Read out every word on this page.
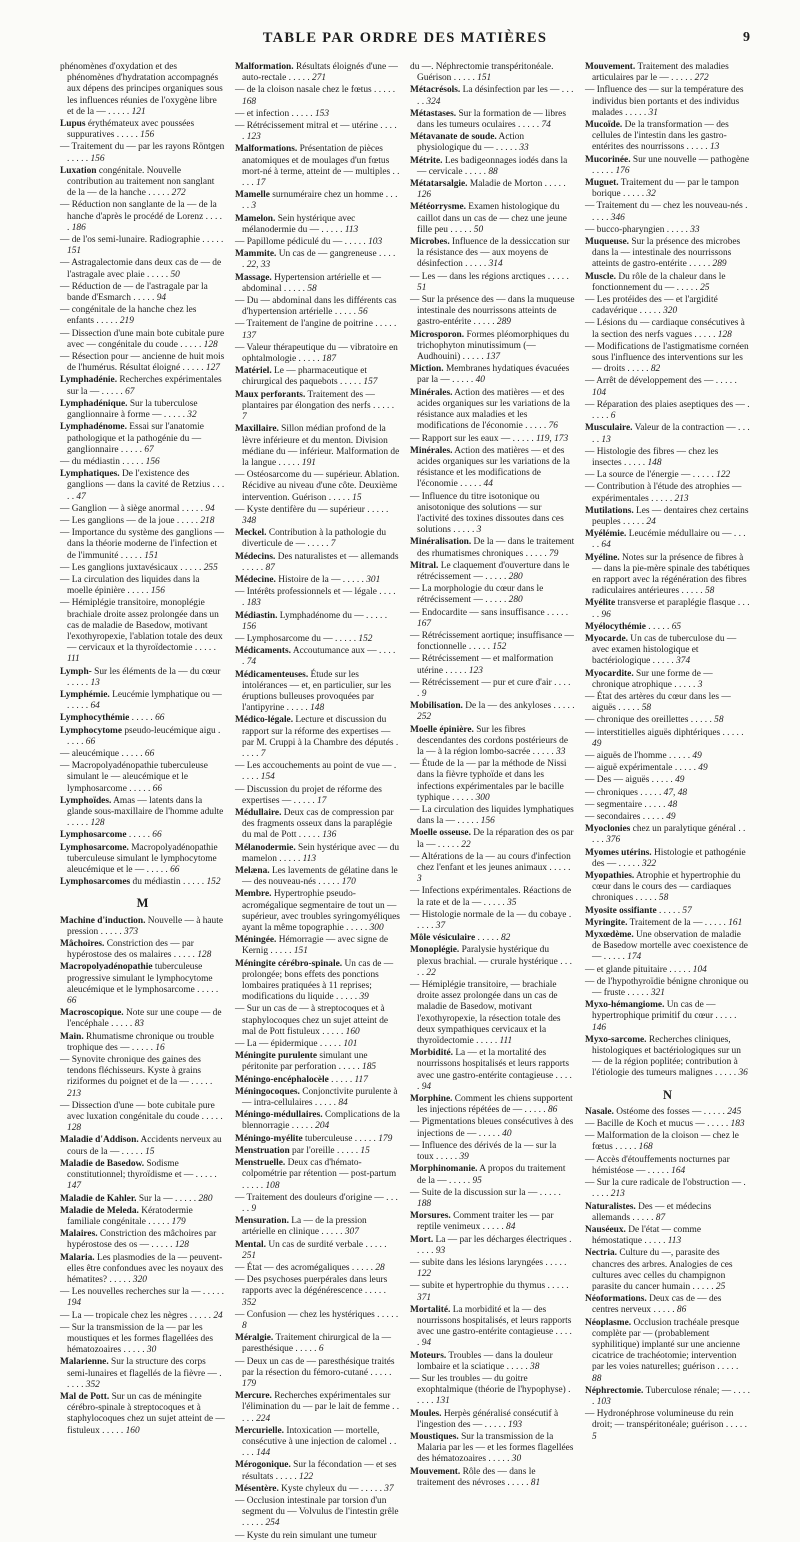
TABLE PAR ORDRE DES MATIÈRES	9
phénomènes d'oxydation et des phénomènes d'hydratation accompagnés aux dépens des principes organiques sous les influences réunies de l'oxygène libre et de la — . . . . . 121
Lupus érythémateux avec poussées suppuratives . . . . . 156
— Traitement du — par les rayons Röntgen . . . . . 156
Luxation congénitale. Nouvelle contribution au traitement non sanglant de la — de la hanche . . . . . 272
— Réduction non sanglante de la — de la hanche d'après le procédé de Lorenz . . . . . 186
— de l'os semi-lunaire. Radiographie . . . . . 151
— Astragalectomie dans deux cas de — de l'astragale avec plaie . . . . . 50
— Réduction de — de l'astragale par la bande d'Esmarch . . . . . 94
— congénitale de la hanche chez les enfants . . . . . 219
— Dissection d'une main bote cubitale pure avec — congénitale du coude . . . . . 128
— Résection pour — ancienne de huit mois de l'humérus. Résultat éloigné . . . . . 127
Lymphadénie. Recherches expérimentales sur la — . . . . . 67
Lymphadénique. Sur la tuberculose ganglionnaire à forme — . . . . . 32
Lymphadénome. Essai sur l'anatomie pathologique et la pathogénie du — ganglionnaire . . . . . 67
— du médiastin . . . . . 156
Lymphatiques. De l'existence des ganglions — dans la cavité de Retzius . . . . . 47
— Ganglion — à siège anormal . . . . . 94
— Les ganglions — de la joue . . . . . 218
— Importance du système des ganglions — dans la théorie moderne de l'infection et de l'immunité . . . . . 151
— Les ganglions juxtavésicaux . . . . . 255
— La circulation des liquides dans la moelle épinière . . . . . 156
— Hémiplégie transitoire, monoplégie brachiale droite assez prolongée dans un cas de maladie de Basedow, motivant l'exothyropexie, l'ablation totale des deux — cervicaux et la thyroïdectomie . . . . . 111
Lymph- Sur les éléments de la — du cœur . . . . . 13
Lymphémie. Leucémie lymphatique ou — . . . . . 64
Lymphocythémie . . . . . 66
Lymphocytome pseudo-leucémique aigu . . . . . 66
— aleucémique . . . . . 66
— Macropolyadénopathie tuberculeuse simulant le — aleucémique et le lymphosarcome . . . . . 66
Lymphoïdes. Amas — latents dans la glande sous-maxillaire de l'homme adulte . . . . . 128
Lymphosarcome . . . . . 66
Lymphosarcome. Macropolyadénopathie tuberculeuse simulant le lymphocytome aleucémique et le — . . . . . 66
Lymphosarcomes du médiastin . . . . . 152
M
Machine d'induction. Nouvelle — à haute pression . . . . . 373
Mâchoires. Constriction des — par hypérostose des os malaires . . . . . 128
Macropolyadénopathie tuberculeuse progressive simulant le lymphocytome aleucémique et le lymphosarcome . . . . . 66
Macroscopique. Note sur une coupe — de l'encéphale . . . . . 83
Main. Rhumatisme chronique ou trouble trophique des — . . . . . 16
— Synovite chronique des gaines des tendons fléchisseurs. Kyste à grains riziformes du poignet et de la — . . . . . 213
— Dissection d'une — bote cubitale pure avec luxation congénitale du coude . . . . . 128
Maladie d'Addison. Accidents nerveux au cours de la — . . . . . 15
Maladie de Basedow. Sodisme constitutionnel; thyroïdisme et — . . . . . 147
Maladie de Kahler. Sur la — . . . . . 280
Maladie de Meleda. Kératodermie familiale congénitale . . . . . 179
Malaires. Constriction des mâchoires par hypérostose des os — . . . . . 128
Malaria. Les plasmodies de la — peuvent-elles être confondues avec les noyaux des hématites? . . . . . 320
— Les nouvelles recherches sur la — . . . . . 194
— La — tropicale chez les nègres . . . . . 24
— Sur la transmission de la — par les moustiques et les formes flagellées des hématozoaires . . . . . 30
Malarienne. Sur la structure des corps semi-lunaires et flagellés de la fièvre — . . . . . 352
Mal de Pott. Sur un cas de méningite cérébro-spinale à streptocoques et à staphylocoques chez un sujet atteint de — fistuleux . . . . . 160
Malformation. Résultats éloignés d'une — auto-rectale . . . . . 271
— de la cloison nasale chez le fœtus . . . . . 168
— et infection . . . . . 153
— Rétrécissement mitral et — utérine . . . . . 123
Malformations. Présentation de pièces anatomiques et de moulages d'un fœtus mort-né à terme, atteint de — multiples . . . . . 17
Mamelle surnuméraire chez un homme . . . . . 3
Mamelon. Sein hystérique avec mélanodermie du — . . . . . 113
— Papillome pédiculé du — . . . . . 103
Mammite. Un cas de — gangreneuse . . . . . 22, 33
Massage. Hypertension artérielle et — abdominal . . . . . 58
— Du — abdominal dans les différents cas d'hypertension artérielle . . . . . 56
— Traitement de l'angine de poitrine . . . . . 137
— Valeur thérapeutique du — vibratoire en ophtalmologie . . . . . 187
Matériel. Le — pharmaceutique et chirurgical des paquebots . . . . . 157
Maux perforants. Traitement des — plantaires par élongation des nerfs . . . . . 7
Maxillaire. Sillon médian profond de la lèvre inférieure et du menton. Division médiane du — inférieur. Malformation de la langue . . . . . 191
— Ostéosarcome du — supérieur. Ablation. Récidive au niveau d'une côte. Deuxième intervention. Guérison . . . . . 15
— Kyste dentifère du — supérieur . . . . . 348
Meckel. Contribution à la pathologie du diverticule de — . . . . . 7
Médecins. Des naturalistes et — allemands . . . . . 87
Médecine. Histoire de la — . . . . . 301
— Intérêts professionnels et — légale . . . . . 183
Médiastin. Lymphadénome du — . . . . . 156
— Lymphosarcome du — . . . . . 152
Médicaments. Accoutumance aux — . . . . . 74
Médicamenteuses. Étude sur les intolérances — et, en particulier, sur les éruptions bulleuses provoquées par l'antipyrine . . . . . 148
Médico-légale. Lecture et discussion du rapport sur la réforme des expertises — par M. Cruppi à la Chambre des députés . . . . . 7
— Les accouchements au point de vue — . . . . . 154
— Discussion du projet de réforme des expertises — . . . . . 17
Médullaire. Deux cas de compression par des fragments osseux dans la paraplégie du mal de Pott . . . . . 136
Mélanodermie. Sein hystérique avec — du mamelon . . . . . 113
Melæna. Les lavements de gélatine dans le — des nouveau-nés . . . . . 170
Membre. Hypertrophie pseudo-acromégalique segmentaire de tout un — supérieur, avec troubles syringomyéliques ayant la même topographie . . . . . 300
Méningée. Hémorragie — avec signe de Kernig . . . . . 151
Méningite cérébro-spinale. Un cas de — prolongée; bons effets des ponctions lombaires pratiquées à 11 reprises; modifications du liquide . . . . . 39
— Sur un cas de — à streptocoques et à staphylocoques chez un sujet atteint de mal de Pott fistuleux . . . . . 160
— La — épidermique . . . . . 101
Méningite purulente simulant une péritonite par perforation . . . . . 185
Méningo-encéphalocèle . . . . . 117
Méningocoques. Conjonctivite purulente à — intra-cellulaires . . . . . 84
Méningo-médullaires. Complications de la blennorragie . . . . . 204
Méningo-myélite tuberculeuse . . . . . 179
Menstruation par l'oreille . . . . . 15
Menstruelle. Deux cas d'hémato-colpométrie par rétention — post-partum . . . . . 108
— Traitement des douleurs d'origine — . . . . . 9
Mensuration. La — de la pression artérielle en clinique . . . . . 307
Mental. Un cas de surdité verbale . . . . . 251
— État — des acromégaliques . . . . . 28
— Des psychoses puerpérales dans leurs rapports avec la dégénérescence . . . . . 352
— Confusion — chez les hystériques . . . . . 8
Méralgie. Traitement chirurgical de la — paresthésique . . . . . 6
— Deux un cas de — paresthésique traités par la résection du fémoro-cutané . . . . . 179
Mercure. Recherches expérimentales sur l'élimination du — par le lait de femme . . . . . 224
Mercurielle. Intoxication — mortelle, consécutive à une injection de calomel . . . . . 144
Mérogonique. Sur la fécondation — et ses résultats . . . . . 122
Mésentère. Kyste chyleux du — . . . . . 37
— Occlusion intestinale par torsion d'un segment du — Volvulus de l'intestin grêle . . . . . 254
— Kyste du rein simulant une tumeur
du —. Néphrectomie transpéritonéale. Guérison . . . . . 151
Métacrésols. La désinfection par les — . . . . . 324
Métastases. Sur la formation de — libres dans les tumeurs oculaires . . . . . 74
Métavanate de soude. Action physiologique du — . . . . . 33
Métrite. Les badigeonnages iodés dans la — cervicale . . . . . 88
Métatarsalgie. Maladie de Morton . . . . . 126
Météorrysme. Examen histologique du caillot dans un cas de — chez une jeune fille peu . . . . . 50
Microbes. Influence de la dessiccation sur la résistance des — aux moyens de désinfection . . . . . 314
— Les — dans les régions arctiques . . . . . 51
— Sur la présence des — dans la muqueuse intestinale des nourrissons atteints de gastro-entérite . . . . . 289
Microsporon. Formes pléomorphiques du trichophyton minutissimum (— Audhouini) . . . . . 137
Miction. Membranes hydatiques évacuées par la — . . . . . 40
Minérales. Action des matières — et des acides organiques sur les variations de la résistance aux maladies et les modifications de l'économie . . . . . 76
— Rapport sur les eaux — . . . . . 119, 173
Minérales. Action des matières — et des acides organiques sur les variations de la résistance et les modifications de l'économie . . . . . 44
— Influence du titre isotonique ou anisotonique des solutions — sur l'activité des toxines dissoutes dans ces solutions . . . . . 3
Minéralisation. De la — dans le traitement des rhumatismes chroniques . . . . . 79
Mitral. Le claquement d'ouverture dans le rétrécissement — . . . . . 280
— La morphologie du cœur dans le rétrécissement — . . . . . 280
— Endocardite — sans insuffisance . . . . . 167
— Rétrécissement aortique; insuffisance — fonctionnelle . . . . . 152
— Rétrécissement — et malformation utérine . . . . . 123
— Rétrécissement — pur et cure d'air . . . . . 9
Mobilisation. De la — des ankyloses . . . . . 252
Moelle épinière. Sur les fibres descendantes des cordons postérieurs de la — à la région lombo-sacrée . . . . . 33
— Étude de la — par la méthode de Nissi dans la fièvre typhoïde et dans les infections expérimentales par le bacille typhique . . . . . 300
— La circulation des liquides lymphatiques dans la — . . . . . 156
Moelle osseuse. De la réparation des os par la — . . . . . 22
— Altérations de la — au cours d'infection chez l'enfant et les jeunes animaux . . . . . 3
— Infections expérimentales. Réactions de la rate et de la — . . . . . 35
— Histologie normale de la — du cobaye . . . . . 37
Môle vésiculaire . . . . . 82
Monoplégie. Paralysie hystérique du plexus brachial. — crurale hystérique . . . . . 22
— Hémiplégie transitoire, — brachiale droite assez prolongée dans un cas de maladie de Basedow, motivant l'exothyropexie, la résection totale des deux sympathiques cervicaux et la thyroïdectomie . . . . . 111
Morbidité. La — et la mortalité des nourrissons hospitalisés et leurs rapports avec une gastro-entérite contagieuse . . . . . 94
Morphine. Comment les chiens supportent les injections répétées de — . . . . . 86
— Pigmentations bleues consécutives à des injections de — . . . . . 40
— Influence des dérivés de la — sur la toux . . . . . 39
Morphinomanie. A propos du traitement de la — . . . . . 95
— Suite de la discussion sur la — . . . . . 188
Morsures. Comment traiter les — par reptile venimeux . . . . . 84
Mort. La — par les décharges électriques . . . . . 93
— subite dans les lésions laryngées . . . . . 122
— subite et hypertrophie du thymus . . . . . 371
Mortalité. La morbidité et la — des nourrissons hospitalisés, et leurs rapports avec une gastro-entérite contagieuse . . . . . 94
Moteurs. Troubles — dans la douleur lombaire et la sciatique . . . . . 38
— Sur les troubles — du goitre exophtalmique (théorie de l'hypophyse) . . . . . 131
Moules. Herpès généralisé consécutif à l'ingestion des — . . . . . 193
Moustiques. Sur la transmission de la Malaria par les — et les formes flagellées des hématozoaires . . . . . 30
Mouvement. Rôle des — dans le traitement des névroses . . . . . 81
Mouvement. Traitement des maladies articulaires par le — . . . . . 272
— Influence des — sur la température des individus bien portants et des individus malades . . . . . 31
Mucoïde. De la transformation — des cellules de l'intestin dans les gastro-entérites des nourrissons . . . . . 13
Mucorinée. Sur une nouvelle — pathogène . . . . . 176
Muguet. Traitement du — par le tampon borique . . . . . 32
— Traitement du — chez les nouveau-nés . . . . . 346
— bucco-pharyngien . . . . . 33
Muqueuse. Sur la présence des microbes dans la — intestinale des nourrissons atteints de gastro-entérite . . . . . 289
Muscle. Du rôle de la chaleur dans le fonctionnement du — . . . . . 25
— Les protéides des — et l'argidité cadavérique . . . . . 320
— Lésions du — cardiaque consécutives à la section des nerfs vagues . . . . . 128
— Modifications de l'astigmatisme cornéen sous l'influence des interventions sur les — droits . . . . . 82
— Arrêt de développement des — . . . . . 104
— Réparation des plaies aseptiques des — . . . . . 6
Musculaire. Valeur de la contraction — . . . . . 13
— Histologie des fibres — chez les insectes . . . . . 148
— La source de l'énergie — . . . . . 122
— Contribution à l'étude des atrophies — expérimentales . . . . . 213
Mutilations. Les — dentaires chez certains peuples . . . . . 24
Myélémie. Leucémie médullaire ou — . . . . . 64
Myéline. Notes sur la présence de fibres à — dans la pie-mère spinale des tabétiques en rapport avec la régénération des fibres radiculaires antérieures . . . . . 58
Myélite transverse et paraplégie flasque . . . . . 96
Myélocythémie . . . . . 65
Myocarde. Un cas de tuberculose du — avec examen histologique et bactériologique . . . . . 374
Myocardite. Sur une forme de — chronique atrophique . . . . . 3
— État des artères du cœur dans les — aiguës . . . . . 58
— chronique des oreillettes . . . . . 58
— interstitielles aiguës diphtériques . . . . . 49
— aiguës de l'homme . . . . . 49
— aiguë expérimentale . . . . . 49
— Des — aiguës . . . . . 49
— chroniques . . . . . 47, 48
— segmentaire . . . . . 48
— secondaires . . . . . 49
Myoclonies chez un paralytique général . . . . . 376
Myomes utérins. Histologie et pathogénie des — . . . . . 322
Myopathies. Atrophie et hypertrophie du cœur dans le cours des — cardiaques chroniques . . . . . 58
Myosite ossifiante . . . . . 57
Myringite. Traitement de la — . . . . . 161
Myxœdème. Une observation de maladie de Basedow mortelle avec coexistence de — . . . . . 174
— et glande pituitaire . . . . . 104
— de l'hypothyroïdie bénigne chronique ou — fruste . . . . . 321
Myxo-hémangiome. Un cas de — hypertrophique primitif du cœur . . . . . 146
Myxo-sarcome. Recherches cliniques, histologiques et bactériologiques sur un — de la région poplitée; contribution à l'étiologie des tumeurs malignes . . . . . 36
N
Nasale. Ostéome des fosses — . . . . . 245
— Bacille de Koch et mucus — . . . . . 183
— Malformation de la cloison — chez le fœtus . . . . . 168
— Accès d'étouffements nocturnes par hémistéose — . . . . . 164
— Sur la cure radicale de l'obstruction — . . . . . 213
Naturalistes. Des — et médecins allemands . . . . . 87
Nauséeux. De l'état — comme hémostatique . . . . . 113
Nectria. Culture du —, parasite des chancres des arbres. Analogies de ces cultures avec celles du champignon parasite du cancer humain . . . . . 25
Néoformations. Deux cas de — des centres nerveux . . . . . 86
Néoplasme. Occlusion trachéale presque complète par — (probablement syphilitique) implanté sur une ancienne cicatrice de trachéotomie; intervention par les voies naturelles; guérison . . . . . 88
Néphrectomie. Tuberculose rénale; — . . . . . 103
— Hydronéphrose volumineuse du rein droit; — transpéritonéale; guérison . . . . . 5
